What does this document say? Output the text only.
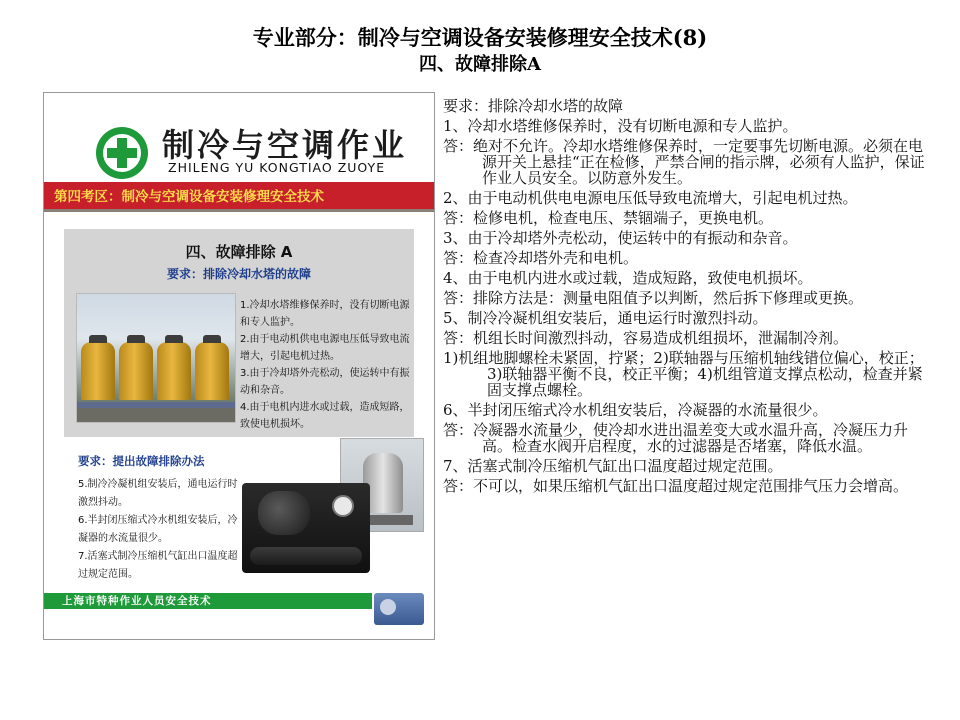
专业部分：制冷与空调设备安装修理安全技术(8)
四、故障排除A
制冷与空调作业
ZHILENG YU KONGTIAO ZUOYE
第四考区：制冷与空调设备安装修理安全技术
四、故障排除 A
要求：排除冷却水塔的故障

1.冷却水塔维修保养时，没有切断电源和专人监护。

2.由于电动机供电电源电压低导致电流增大，引起电机过热。

3.由于冷却塔外壳松动，使运转中有振动和杂音。

4.由于电机内进水或过载，造成短路，致使电机损坏。

要求：提出故障排除办法

5.制冷冷凝机组安装后，通电运行时激烈抖动。

6.半封闭压缩式冷水机组安装后，冷凝器的水流量很少。

7.活塞式制冷压缩机气缸出口温度超过规定范围。

上海市特种作业人员安全技术

要求：排除冷却水塔的故障

1、冷却水塔维修保养时，没有切断电源和专人监护。

答：绝对不允许。冷却水塔维修保养时，一定要事先切断电源。必须在电源开关上悬挂“正在检修，严禁合闸的指示牌，必须有人监护，保证作业人员安全。以防意外发生。

2、由于电动机供电电源电压低导致电流增大，引起电机过热。

答：检修电机，检查电压、禁锢端子，更换电机。

3、由于冷却塔外壳松动，使运转中的有振动和杂音。

答：检查冷却塔外壳和电机。

4、由于电机内进水或过载，造成短路，致使电机损坏。

答：排除方法是：测量电阻值予以判断，然后拆下修理或更换。

5、制冷冷凝机组安装后，通电运行时激烈抖动。

答：机组长时间激烈抖动，容易造成机组损坏，泄漏制冷剂。

1)机组地脚螺栓未紧固，拧紧；2)联轴器与压缩机轴线错位偏心，校正；3)联轴器平衡不良，校正平衡；4)机组管道支撑点松动，检查并紧固支撑点螺栓。

6、半封闭压缩式冷水机组安装后，冷凝器的水流量很少。

答：冷凝器水流量少，使冷却水进出温差变大或水温升高，冷凝压力升高。检查水阀开启程度，水的过滤器是否堵塞，降低水温。

7、活塞式制冷压缩机气缸出口温度超过规定范围。

答：不可以，如果压缩机气缸出口温度超过规定范围排气压力会增高。
